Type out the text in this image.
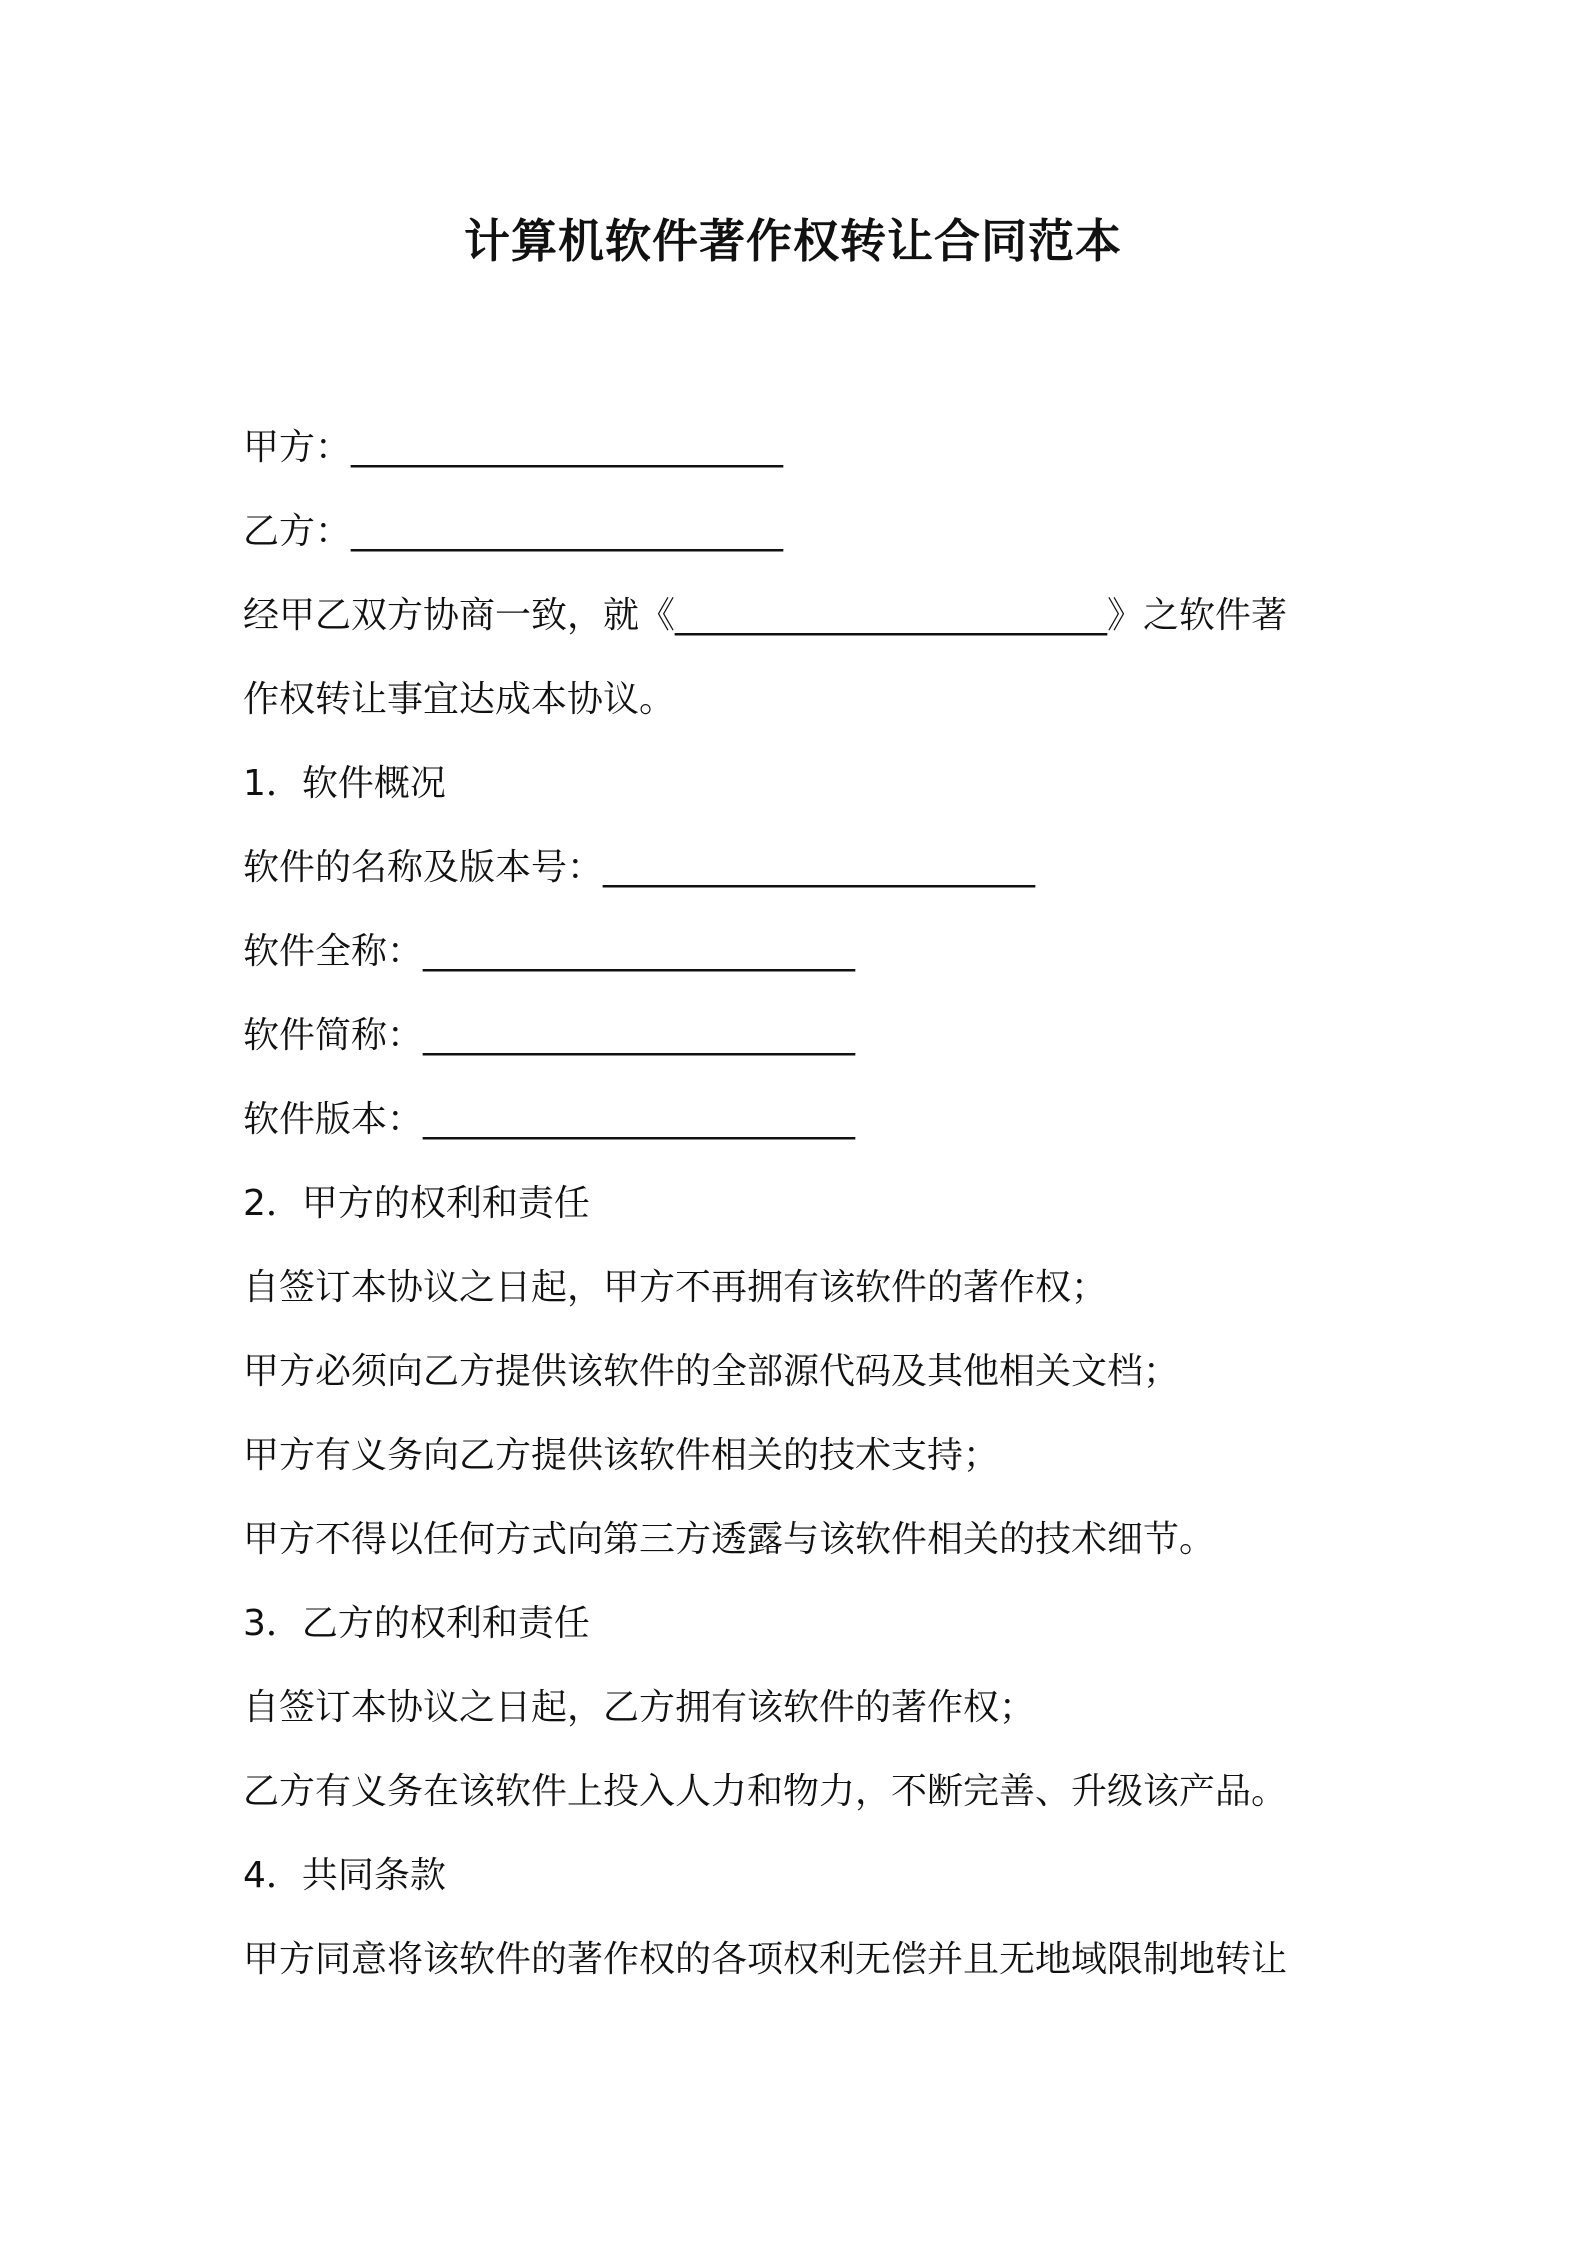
计算机软件著作权转让合同范本
甲方：________________________
乙方：________________________
经甲乙双方协商一致，就《________________________》之软件著
作权转让事宜达成本协议。
1．软件概况
软件的名称及版本号：________________________
软件全称：________________________
软件简称：________________________
软件版本：________________________
2．甲方的权利和责任
自签订本协议之日起，甲方不再拥有该软件的著作权；
甲方必须向乙方提供该软件的全部源代码及其他相关文档；
甲方有义务向乙方提供该软件相关的技术支持；
甲方不得以任何方式向第三方透露与该软件相关的技术细节。
3．乙方的权利和责任
自签订本协议之日起，乙方拥有该软件的著作权；
乙方有义务在该软件上投入人力和物力，不断完善、升级该产品。
4．共同条款
甲方同意将该软件的著作权的各项权利无偿并且无地域限制地转让
